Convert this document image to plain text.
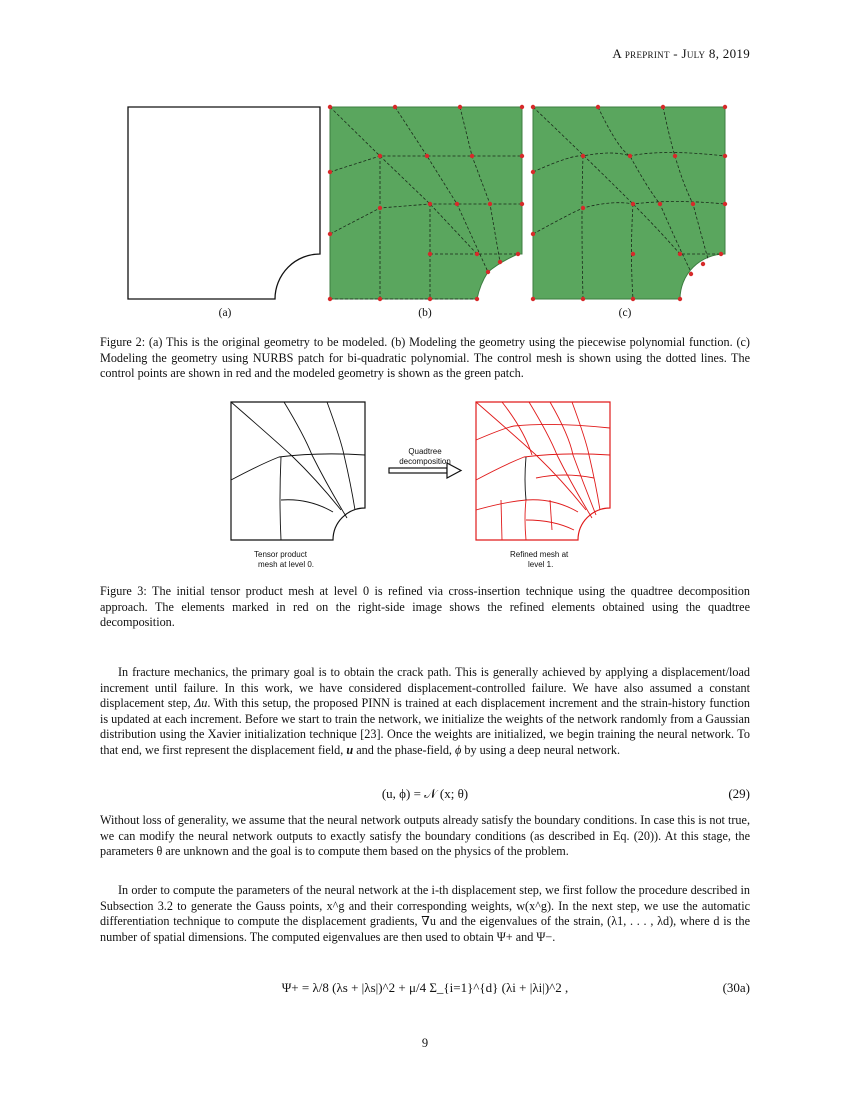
A preprint - July 8, 2019
(a)	(b)	(c)
Figure 2: (a) This is the original geometry to be modeled. (b) Modeling the geometry using the piecewise polynomial function. (c) Modeling the geometry using NURBS patch for bi-quadratic polynomial. The control mesh is shown using the dotted lines. The control points are shown in red and the modeled geometry is shown as the green patch.
Quadtree
decomposition
Tensor product
mesh at level 0.
Refined mesh at
level 1.
Figure 3: The initial tensor product mesh at level 0 is refined via cross-insertion technique using the quadtree decomposition approach. The elements marked in red on the right-side image shows the refined elements obtained using the quadtree decomposition.
In fracture mechanics, the primary goal is to obtain the crack path. This is generally achieved by applying a displacement/load increment until failure. In this work, we have considered displacement-controlled failure. We have also assumed a constant displacement step, Δu. With this setup, the proposed PINN is trained at each displacement increment and the strain-history function is updated at each increment. Before we start to train the network, we initialize the weights of the network randomly from a Gaussian distribution using the Xavier initialization technique [23]. Once the weights are initialized, we begin training the neural network. To that end, we first represent the displacement field, u and the phase-field, ϕ by using a deep neural network.
(u, ϕ) = 𝒩 (x; θ)	(29)
Without loss of generality, we assume that the neural network outputs already satisfy the boundary conditions. In case this is not true, we can modify the neural network outputs to exactly satisfy the boundary conditions (as described in Eq. (20)). At this stage, the parameters θ are unknown and the goal is to compute them based on the physics of the problem.
In order to compute the parameters of the neural network at the i-th displacement step, we first follow the procedure described in Subsection 3.2 to generate the Gauss points, x^g and their corresponding weights, w(x^g). In the next step, we use the automatic differentiation technique to compute the displacement gradients, ∇u and the eigenvalues of the strain, (λ1, . . . , λd), where d is the number of spatial dimensions. The computed eigenvalues are then used to obtain Ψ+ and Ψ−.
Ψ+ = λ/8 (λs + |λs|)^2 + μ/4 Σ_{i=1}^{d} (λi + |λi|)^2 ,	(30a)
9
